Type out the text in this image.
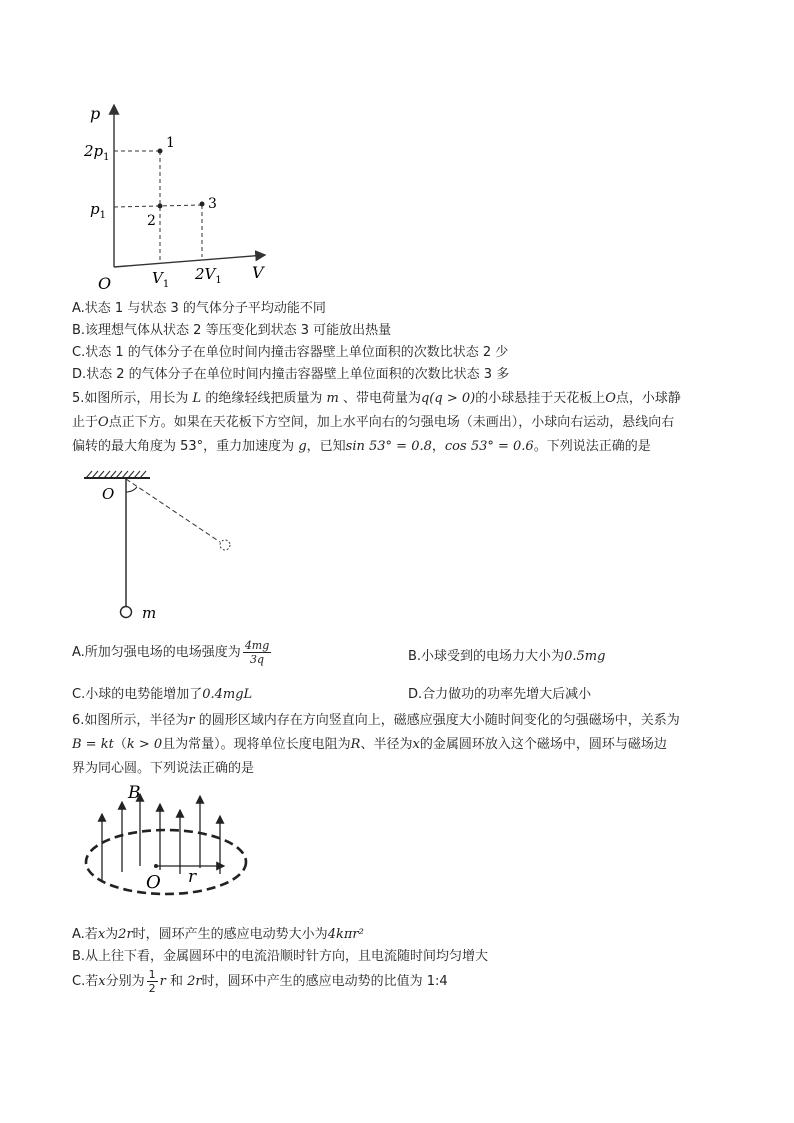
p
V
O
$2p_1$
$p_1$
$V_1$
$2V_1$
1
2
3
A.状态 1 与状态 3 的气体分子平均动能不同
B.该理想气体从状态 2 等压变化到状态 3 可能放出热量
C.状态 1 的气体分子在单位时间内撞击容器壁上单位面积的次数比状态 2 少
D.状态 2 的气体分子在单位时间内撞击容器壁上单位面积的次数比状态 3 多
5.如图所示，用长为 L 的绝缘轻线把质量为 m 、带电荷量为q(q > 0)的小球悬挂于天花板上O点，小球静
止于O点正下方。如果在天花板下方空间，加上水平向右的匀强电场（未画出），小球向右运动，悬线向右
偏转的最大角度为 53°，重力加速度为 g，已知sin 53° = 0.8，cos 53° = 0.6。下列说法正确的是
O
m
A.所加匀强电场的电场强度为 $\frac{4mg}{3q}$	B.小球受到的电场力大小为0.5mg
C.小球的电势能增加了0.4mgL	D.合力做功的功率先增大后减小
6.如图所示，半径为r 的圆形区域内存在方向竖直向上，磁感应强度大小随时间变化的匀强磁场中，关系为
B = kt（k > 0且为常量）。现将单位长度电阻为R、半径为x的金属圆环放入这个磁场中，圆环与磁场边
界为同心圆。下列说法正确的是
B
O r
A.若x为2r时，圆环产生的感应电动势大小为4kπr²
B.从上往下看，金属圆环中的电流沿顺时针方向，且电流随时间均匀增大
C.若x分别为 $\frac{1}{2}$ r 和 2r时，圆环中产生的感应电动势的比值为 1:4
